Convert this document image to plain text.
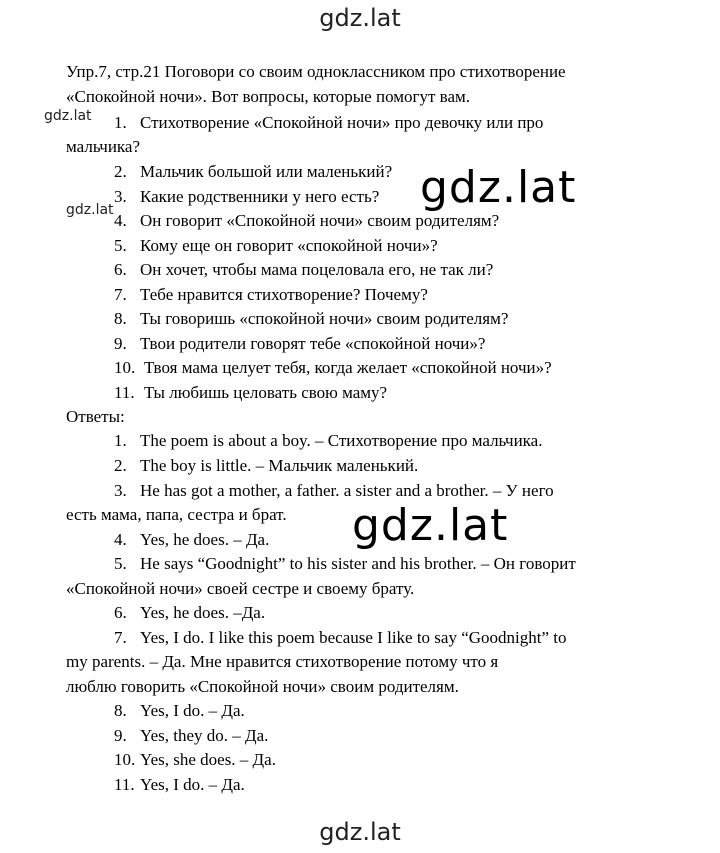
gdz.lat
Упр.7, стр.21 Поговори со своим одноклассником про стихотворение
«Спокойной ночи». Вот вопросы, которые помогут вам.
1. Стихотворение «Спокойной ночи» про девочку или про
мальчика?
2. Мальчик большой или маленький?
3. Какие родственники у него есть?
4. Он говорит «Спокойной ночи» своим родителям?
5. Кому еще он говорит «спокойной ночи»?
6. Он хочет, чтобы мама поцеловала его, не так ли?
7. Тебе нравится стихотворение? Почему?
8. Ты говоришь «спокойной ночи» своим родителям?
9. Твои родители говорят тебе «спокойной ночи»?
10. Твоя мама целует тебя, когда желает «спокойной ночи»?
11. Ты любишь целовать свою маму?
Ответы:
1. The poem is about a boy. – Стихотворение про мальчика.
2. The boy is little. – Мальчик маленький.
3. He has got a mother, a father. a sister and a brother. – У него
есть мама, папа, сестра и брат.
4. Yes, he does. – Да.
5. He says “Goodnight” to his sister and his brother. – Он говорит
«Спокойной ночи» своей сестре и своему брату.
6. Yes, he does. –Да.
7. Yes, I do. I like this poem because I like to say “Goodnight” to
my parents. – Да. Мне нравится стихотворение потому что я
люблю говорить «Спокойной ночи» своим родителям.
8. Yes, I do. – Да.
9. Yes, they do. – Да.
10. Yes, she does. – Да.
11. Yes, I do. – Да.
gdz.lat
gdz.lat	gdz.lat
gdz.lat
gdz.lat
